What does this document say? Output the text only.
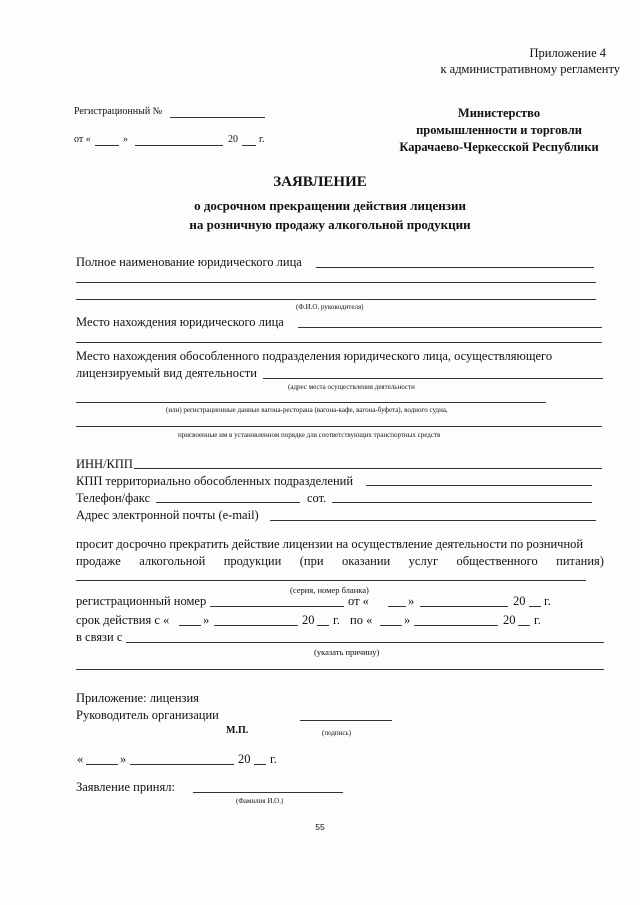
Приложение 4
к административному регламенту
Регистрационный №
от «	»	20 г.
Министерство
промышленности и торговли
Карачаево-Черкесской Республики
ЗАЯВЛЕНИЕ
о досрочном прекращении действия лицензии
на розничную продажу алкогольной продукции
Полное наименование юридического лица
(Ф.И.О. руководителя)
Место нахождения юридического лица
Место нахождения обособленного подразделения юридического лица, осуществляющего
лицензируемый вид деятельности
(адрес места осуществления деятельности
(или) регистрационные данные вагона-ресторана (вагона-кафе, вагона-буфета), водного судна,
присвоенные им в установленном порядке для соответствующих транспортных средств
ИНН/КПП
КПП территориально обособленных подразделений
Телефон/факс	сот.
Адрес электронной почты (e-mail)
просит досрочно прекратить действие лицензии на осуществление деятельности по розничной
продаже алкогольной продукции (при оказании услуг общественного питания)
(серия, номер бланка)
регистрационный номер	от «	»	20 г.
срок действия с «	»	20 г. по «	»	20 г.
в связи с
(указать причину)
Приложение: лицензия
Руководитель организации
М.П.	(подпись)
«	»	20 г.
Заявление принял:
(Фамилия И.О.)
55
